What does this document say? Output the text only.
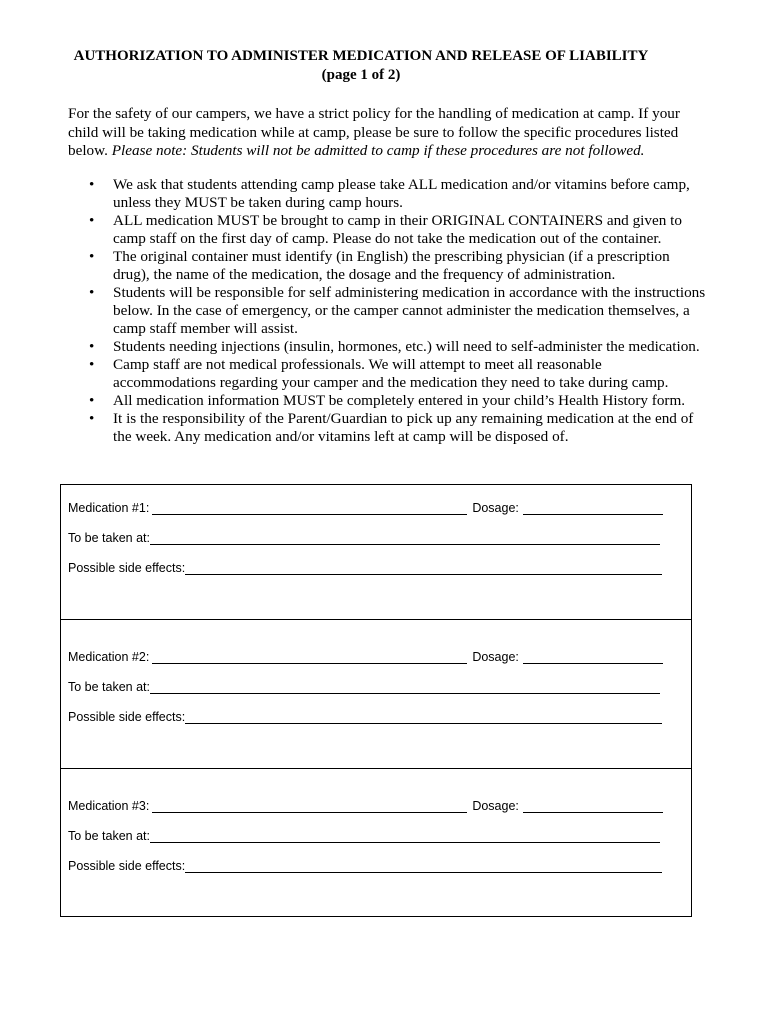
AUTHORIZATION TO ADMINISTER MEDICATION AND RELEASE OF LIABILITY
(page 1 of 2)
For the safety of our campers, we have a strict policy for the handling of medication at camp. If your child will be taking medication while at camp, please be sure to follow the specific procedures listed below. Please note: Students will not be admitted to camp if these procedures are not followed.
• We ask that students attending camp please take ALL medication and/or vitamins before camp, unless they MUST be taken during camp hours.
• ALL medication MUST be brought to camp in their ORIGINAL CONTAINERS and given to camp staff on the first day of camp. Please do not take the medication out of the container.
• The original container must identify (in English) the prescribing physician (if a prescription drug), the name of the medication, the dosage and the frequency of administration.
• Students will be responsible for self administering medication in accordance with the instructions below. In the case of emergency, or the camper cannot administer the medication themselves, a camp staff member will assist.
• Students needing injections (insulin, hormones, etc.) will need to self-administer the medication.
• Camp staff are not medical professionals. We will attempt to meet all reasonable accommodations regarding your camper and the medication they need to take during camp.
• All medication information MUST be completely entered in your child’s Health History form.
• It is the responsibility of the Parent/Guardian to pick up any remaining medication at the end of the week. Any medication and/or vitamins left at camp will be disposed of.
Medication #1:	Dosage:
To be taken at:
Possible side effects:
Medication #2:	Dosage:
To be taken at:
Possible side effects:
Medication #3:	Dosage:
To be taken at:
Possible side effects:
